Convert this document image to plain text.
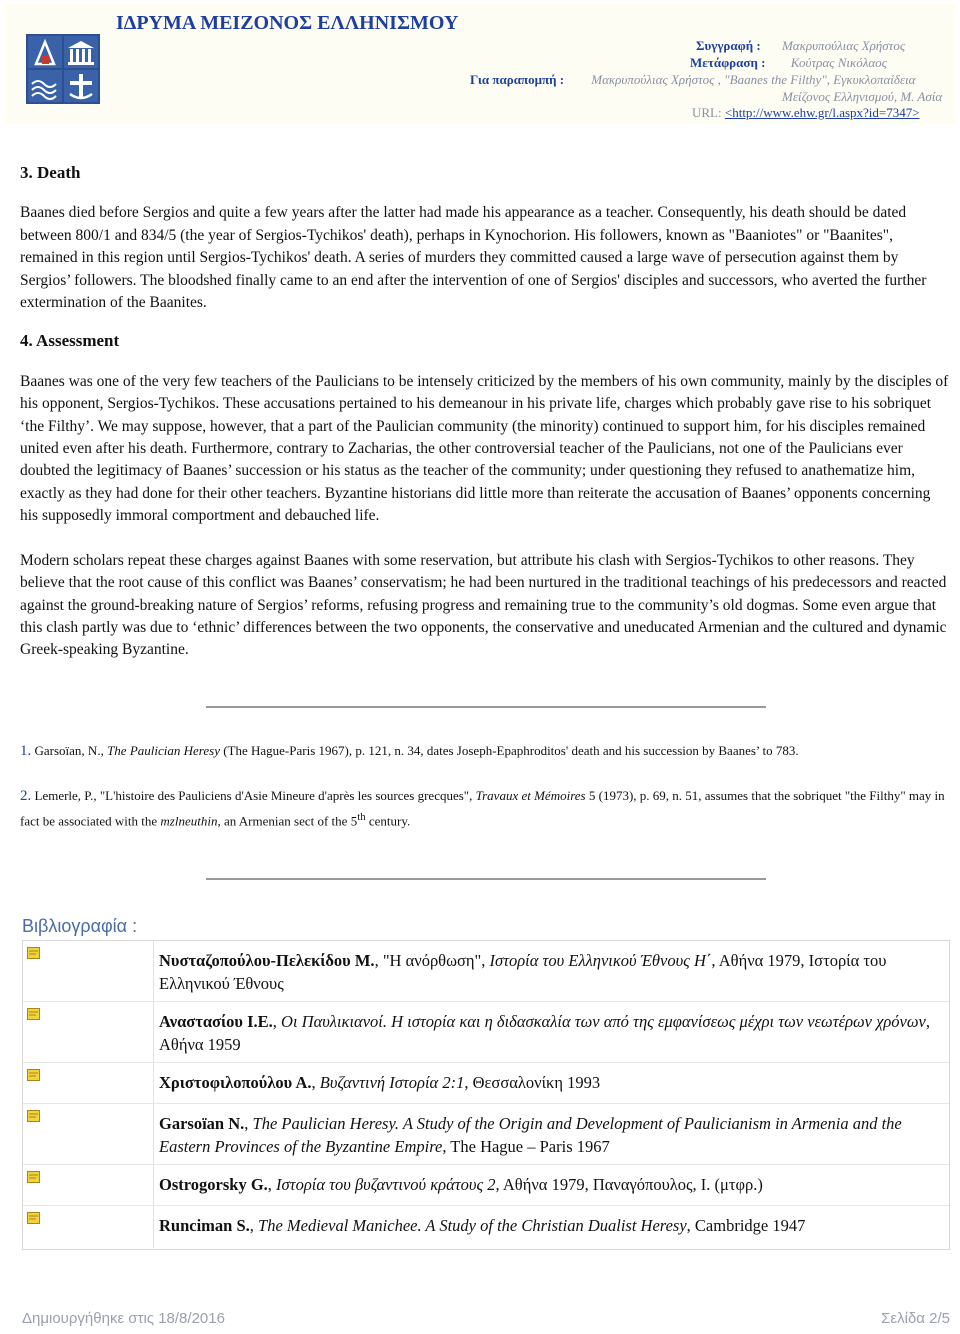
ΙΔΡΥΜΑ ΜΕΙΖΟΝΟΣ ΕΛΛΗΝΙΣΜΟΥ
Συγγραφή : Μακρυπούλιας Χρήστος
Μετάφραση : Κούτρας Νικόλαος
Για παραπομπή : Μακρυπούλιας Χρήστος , "Baanes the Filthy", Εγκυκλοπαίδεια
Μείζονος Ελληνισμού, Μ. Ασία
URL: <http://www.ehw.gr/l.aspx?id=7347>
3. Death

Baanes died before Sergios and quite a few years after the latter had made his appearance as a teacher. Consequently, his death should be dated between 800/1 and 834/5 (the year of Sergios-Tychikos' death), perhaps in Kynochorion. His followers, known as "Baaniotes" or "Baanites", remained in this region until Sergios-Tychikos' death. A series of murders they committed caused a large wave of persecution against them by Sergios’ followers. The bloodshed finally came to an end after the intervention of one of Sergios' disciples and successors, who averted the further extermination of the Baanites.

4. Assessment

Baanes was one of the very few teachers of the Paulicians to be intensely criticized by the members of his own community, mainly by the disciples of his opponent, Sergios-Tychikos. These accusations pertained to his demeanour in his private life, charges which probably gave rise to his sobriquet ‘the Filthy’. We may suppose, however, that a part of the Paulician community (the minority) continued to support him, for his disciples remained united even after his death. Furthermore, contrary to Zacharias, the other controversial teacher of the Paulicians, not one of the Paulicians ever doubted the legitimacy of Baanes’ succession or his status as the teacher of the community; under questioning they refused to anathematize him, exactly as they had done for their other teachers. Byzantine historians did little more than reiterate the accusation of Baanes’ opponents concerning his supposedly immoral comportment and debauched life.

Modern scholars repeat these charges against Baanes with some reservation, but attribute his clash with Sergios-Tychikos to other reasons. They believe that the root cause of this conflict was Baanes’ conservatism; he had been nurtured in the traditional teachings of his predecessors and reacted against the ground-breaking nature of Sergios’ reforms, refusing progress and remaining true to the community’s old dogmas. Some even argue that this clash partly was due to ‘ethnic’ differences between the two opponents, the conservative and uneducated Armenian and the cultured and dynamic Greek-speaking Byzantine.

1. Garsoïan, N., The Paulician Heresy (The Hague-Paris 1967), p. 121, n. 34, dates Joseph-Epaphroditos' death and his succession by Baanes’ to 783.
2. Lemerle, P., "L'histoire des Pauliciens d'Asie Mineure d'après les sources grecques", Travaux et Mémoires 5 (1973), p. 69, n. 51, assumes that the sobriquet "the Filthy" may in fact be associated with the mzlneuthin, an Armenian sect of the 5th century.
Βιβλιογραφία :
Νυσταζοπούλου-Πελεκίδου Μ., "Η ανόρθωση", Ιστορία του Ελληνικού Έθνους Η΄, Αθήνα 1979, Ιστορία του Ελληνικού Έθνους
Αναστασίου Ι.Ε., Οι Παυλικιανοί. Η ιστορία και η διδασκαλία των από της εμφανίσεως μέχρι των νεωτέρων χρόνων, Αθήνα 1959
Χριστοφιλοπούλου Α., Βυζαντινή Ιστορία 2:1, Θεσσαλονίκη 1993
Garsoïan N., The Paulician Heresy. A Study of the Origin and Development of Paulicianism in Armenia and the Eastern Provinces of the Byzantine Empire, The Hague – Paris 1967
Ostrogorsky G., Ιστορία του βυζαντινού κράτους 2, Αθήνα 1979, Παναγόπουλος, Ι. (μτφρ.)
Runciman S., The Medieval Manichee. A Study of the Christian Dualist Heresy, Cambridge 1947
Δημιουργήθηκε στις 18/8/2016	Σελίδα 2/5
